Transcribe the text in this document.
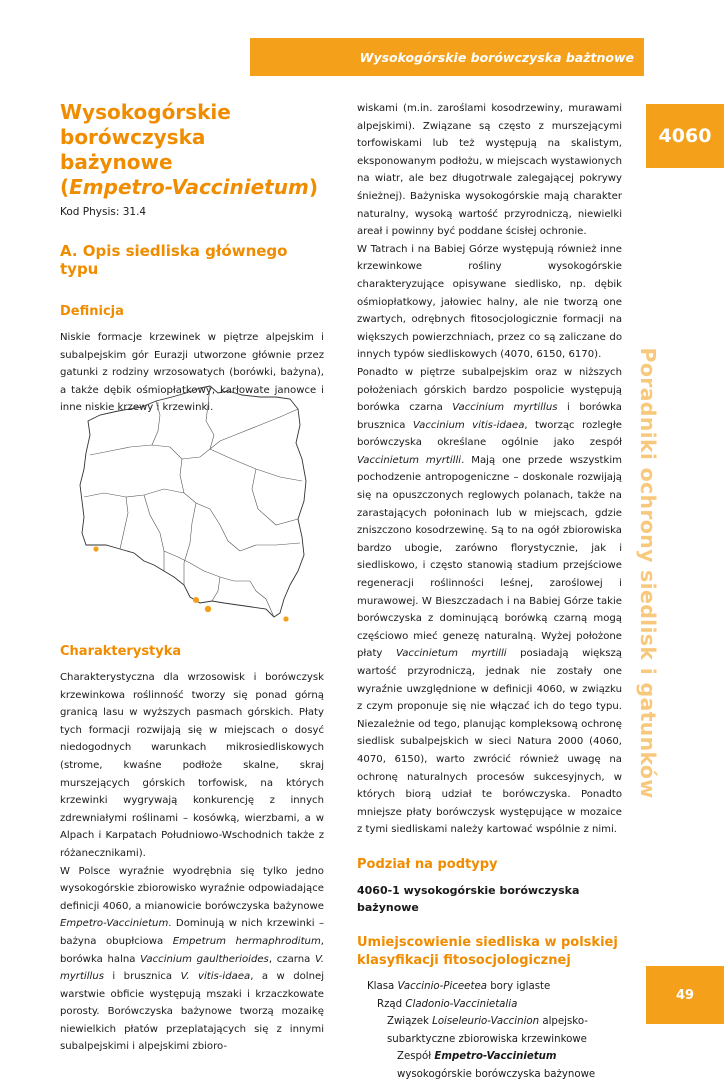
Wysokogórskie borówczyska bażtnowe
4060
Poradniki ochrony siedlisk i gatunków
49
Wysokogórskie
borówczyska bażynowe
(Empetro-Vaccinietum)
Kod Physis: 31.4
A. Opis siedliska głównego typu
Definicja

Niskie formacje krzewinek w piętrze alpejskim i subalpejskim gór Eurazji utworzone głównie przez gatunki z rodziny wrzosowatych (borówki, bażyna), a także dębik ośmiopłatkowy, karłowate janowce i inne niskie krzewy i krzewinki.

Charakterystyka

Charakterystyczna dla wrzosowisk i borówczysk krzewinkowa roślinność tworzy się ponad górną granicą lasu w wyższych pasmach górskich. Płaty tych formacji rozwijają się w miejscach o dosyć niedogodnych warunkach mikrosiedliskowych (strome, kwaśne podłoże skalne, skraj murszejących górskich torfowisk, na których krzewinki wygrywają konkurencję z innych zdrewniałymi roślinami – kosówką, wierzbami, a w Alpach i Karpatach Południowo-Wschodnich także z różanecznikami).

W Polsce wyraźnie wyodrębnia się tylko jedno wysokogórskie zbiorowisko wyraźnie odpowiadające definicji 4060, a mianowicie borówczyska bażynowe Empetro-Vaccinietum. Dominują w nich krzewinki – bażyna obupłciowa Empetrum hermaphroditum, borówka halna Vaccinium gaultherioides, czarna V. myrtillus i brusznica V. vitis-idaea, a w dolnej warstwie obficie występują mszaki i krzaczkowate porosty. Borówczyska bażynowe tworzą mozaikę niewielkich płatów przeplatających się z innymi subalpejskimi i alpejskimi zbioro-

wiskami (m.in. zaroślami kosodrzewiny, murawami alpejskimi). Związane są często z murszejącymi torfowiskami lub też występują na skalistym, eksponowanym podłożu, w miejscach wystawionych na wiatr, ale bez długotrwale zalegającej pokrywy śnieżnej). Bażyniska wysokogórskie mają charakter naturalny, wysoką wartość przyrodniczą, niewielki areał i powinny być poddane ścisłej ochronie.

W Tatrach i na Babiej Górze występują również inne krzewinkowe rośliny wysokogórskie charakteryzujące opisywane siedlisko, np. dębik ośmiopłatkowy, jałowiec halny, ale nie tworzą one zwartych, odrębnych fitosocjologicznie formacji na większych powierzchniach, przez co są zaliczane do innych typów siedliskowych (4070, 6150, 6170).

Ponadto w piętrze subalpejskim oraz w niższych położeniach górskich bardzo pospolicie występują borówka czarna Vaccinium myrtillus i borówka brusznica Vaccinium vitis-idaea, tworząc rozległe borówczyska określane ogólnie jako zespół Vaccinietum myrtilli. Mają one przede wszystkim pochodzenie antropogeniczne – doskonale rozwijają się na opuszczonych reglowych polanach, także na zarastających połoninach lub w miejscach, gdzie zniszczono kosodrzewinę. Są to na ogół zbiorowiska bardzo ubogie, zarówno florystycznie, jak i siedliskowo, i często stanowią stadium przejściowe regeneracji roślinności leśnej, zaroślowej i murawowej. W Bieszczadach i na Babiej Górze takie borówczyska z dominującą borówką czarną mogą częściowo mieć genezę naturalną. Wyżej położone płaty Vaccinietum myrtilli posiadają większą wartość przyrodniczą, jednak nie zostały one wyraźnie uwzględnione w definicji 4060, w związku z czym proponuje się nie włączać ich do tego typu. Niezależnie od tego, planując kompleksową ochronę siedlisk subalpejskich w sieci Natura 2000 (4060, 4070, 6150), warto zwrócić również uwagę na ochronę naturalnych procesów sukcesyjnych, w których biorą udział te borówczyska. Ponadto mniejsze płaty borówczysk występujące w mozaice z tymi siedliskami należy kartować wspólnie z nimi.

Podział na podtypy

4060-1 wysokogórskie borówczyska bażynowe

Umiejscowienie siedliska w polskiej klasyfikacji fitosocjologicznej
Klasa Vaccinio-Piceetea bory iglaste
Rząd Cladonio-Vaccinietalia
Związek Loiseleurio-Vaccinion alpejsko-subarktyczne zbiorowiska krzewinkowe
Zespół Empetro-Vaccinietum wysokogórskie borówczyska bażynowe
